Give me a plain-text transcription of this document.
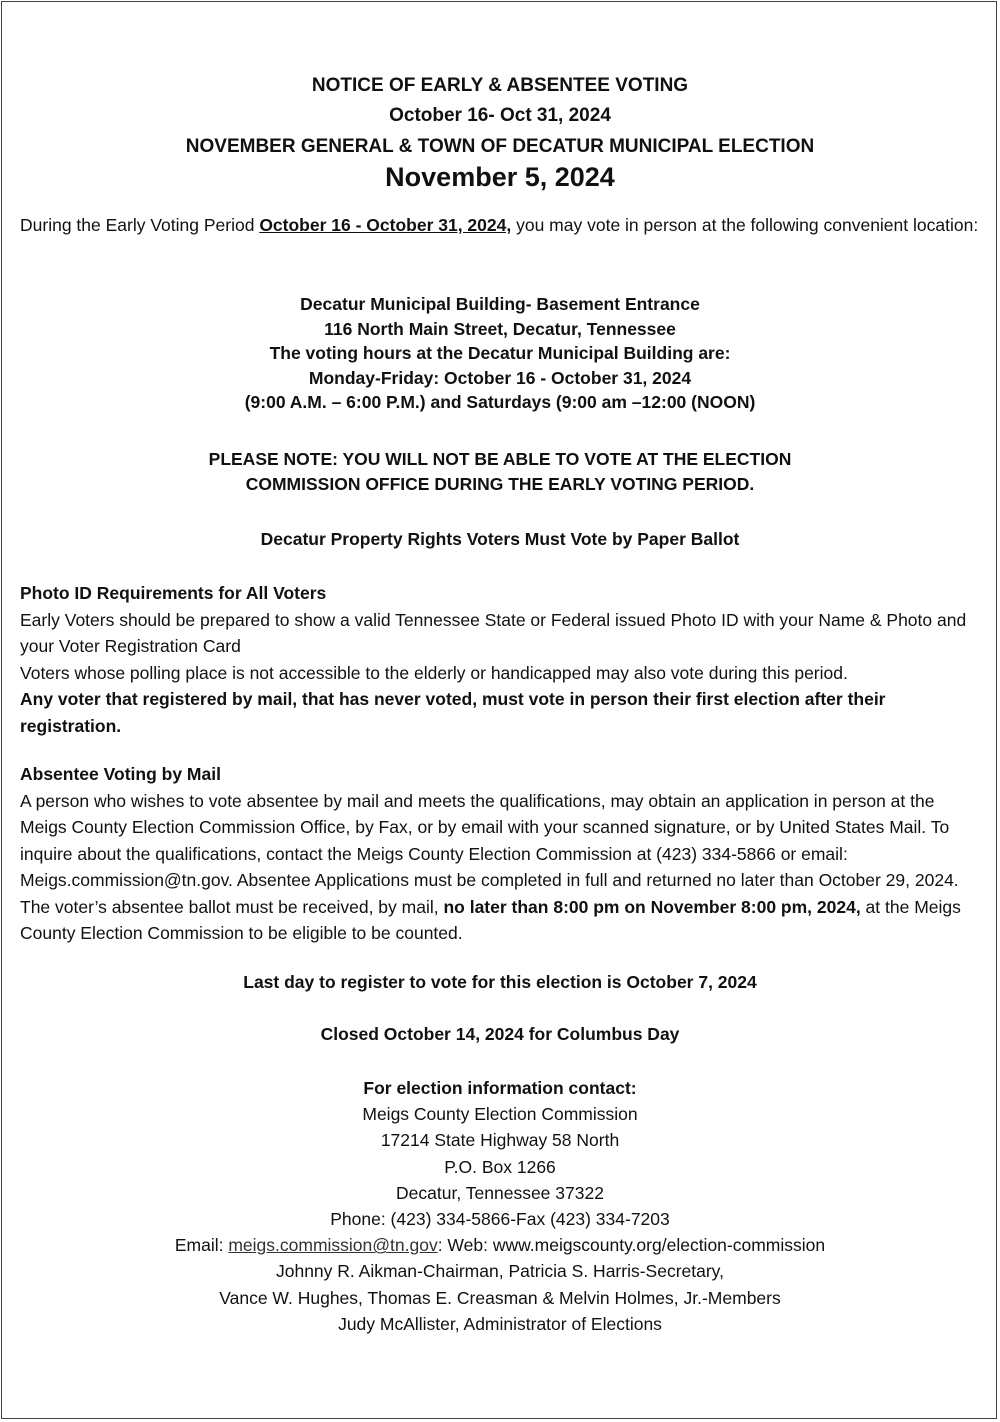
NOTICE OF EARLY & ABSENTEE VOTING
October 16- Oct 31, 2024
NOVEMBER GENERAL & TOWN OF DECATUR MUNICIPAL ELECTION
November 5, 2024
During the Early Voting Period October 16 - October 31, 2024, you may vote in person at the following convenient location:
Decatur Municipal Building- Basement Entrance
116 North Main Street, Decatur, Tennessee
The voting hours at the Decatur Municipal Building are:
Monday-Friday: October 16 - October 31, 2024
(9:00 A.M. – 6:00 P.M.) and Saturdays (9:00 am –12:00 (NOON)
PLEASE NOTE: YOU WILL NOT BE ABLE TO VOTE AT THE ELECTION
COMMISSION OFFICE DURING THE EARLY VOTING PERIOD.
Decatur Property Rights Voters Must Vote by Paper Ballot
Photo ID Requirements for All Voters
Early Voters should be prepared to show a valid Tennessee State or Federal issued Photo ID with your Name & Photo and your Voter Registration Card
Voters whose polling place is not accessible to the elderly or handicapped may also vote during this period.
Any voter that registered by mail, that has never voted, must vote in person their first election after their registration.
Absentee Voting by Mail
A person who wishes to vote absentee by mail and meets the qualifications, may obtain an application in person at the Meigs County Election Commission Office, by Fax, or by email with your scanned signature, or by United States Mail. To inquire about the qualifications, contact the Meigs County Election Commission at (423) 334-5866 or email: Meigs.commission@tn.gov. Absentee Applications must be completed in full and returned no later than October 29, 2024. The voter’s absentee ballot must be received, by mail, no later than 8:00 pm on November 8:00 pm, 2024, at the Meigs County Election Commission to be eligible to be counted.
Last day to register to vote for this election is October 7, 2024
Closed October 14, 2024 for Columbus Day
For election information contact:
Meigs County Election Commission
17214 State Highway 58 North
P.O. Box 1266
Decatur, Tennessee 37322
Phone: (423) 334-5866-Fax (423) 334-7203
Email: meigs.commission@tn.gov: Web: www.meigscounty.org/election-commission
Johnny R. Aikman-Chairman, Patricia S. Harris-Secretary,
Vance W. Hughes, Thomas E. Creasman & Melvin Holmes, Jr.-Members
Judy McAllister, Administrator of Elections
